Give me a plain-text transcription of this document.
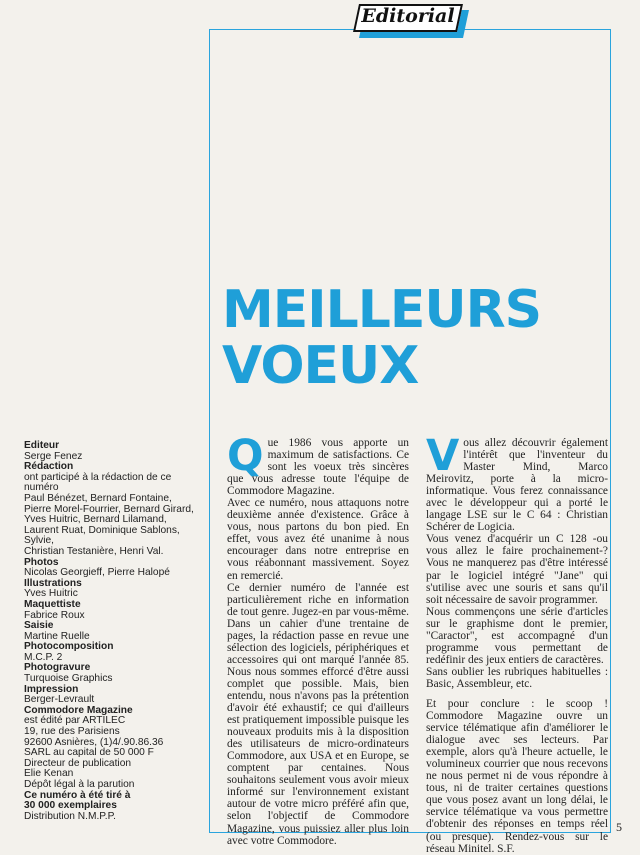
Editorial
MEILLEURS
VOEUX
Editeur
Serge Fenez
Rédaction
ont participé à la rédaction de ce
numéro
Paul Bénézet, Bernard Fontaine,
Pierre Morel-Fourrier, Bernard Girard,
Yves Huitric, Bernard Lilamand,
Laurent Ruat, Dominique Sablons, Sylvie,
Christian Testanière, Henri Val.
Photos
Nicolas Georgieff, Pierre Halopé
Illustrations
Yves Huitric
Maquettiste
Fabrice Roux
Saisie
Martine Ruelle
Photocomposition
M.C.P. 2
Photogravure
Turquoise Graphics
Impression
Berger-Levrault
Commodore Magazine
est édité par ARTILEC
19, rue des Parisiens
92600 Asnières, (1)4/.90.86.36
SARL au capital de 50 000 F
Directeur de publication
Elie Kenan
Dépôt légal à la parution
Ce numéro à été tiré à
30 000 exemplaires
Distribution N.M.P.P.

Que 1986 vous apporte un maximum de satisfactions. Ce sont les voeux très sincères que vous adresse toute l'équipe de Commodore Magazine.

Avec ce numéro, nous attaquons notre deuxième année d'existence. Grâce à vous, nous partons du bon pied. En effet, vous avez été unanime à nous encourager dans notre entreprise en vous réabonnant massivement. Soyez en remercié.

Ce dernier numéro de l'année est particulièrement riche en information de tout genre. Jugez-en par vous-même. Dans un cahier d'une trentaine de pages, la rédaction passe en revue une sélection des logiciels, périphériques et accessoires qui ont marqué l'année 85. Nous nous sommes efforcé d'être aussi complet que possible. Mais, bien entendu, nous n'avons pas la prétention d'avoir été exhaustif; ce qui d'ailleurs est pratiquement impossible puisque les nouveaux produits mis à la disposition des utilisateurs de micro-ordinateurs Commodore, aux USA et en Europe, se comptent par centaines. Nous souhaitons seulement vous avoir mieux informé sur l'environnement existant autour de votre micro préféré afin que, selon l'objectif de Commodore Magazine, vous puissiez aller plus loin avec votre Commodore.

Vous allez découvrir également l'intérêt que l'inventeur du Master Mind, Marco Meirovitz, porte à la micro-informatique. Vous ferez connaissance avec le développeur qui a porté le langage LSE sur le C 64 : Christian Schérer de Logicia.

Vous venez d'acquérir un C 128 -ou vous allez le faire prochainement-? Vous ne manquerez pas d'être intéressé par le logiciel intégré "Jane" qui s'utilise avec une souris et sans qu'il soit nécessaire de savoir programmer.

Nous commençons une série d'articles sur le graphisme dont le premier, "Caractor", est accompagné d'un programme vous permettant de redéfinir des jeux entiers de caractères.

Sans oublier les rubriques habituelles : Basic, Assembleur, etc.

Et pour conclure : le scoop ! Commodore Magazine ouvre un service télématique afin d'améliorer le dialogue avec ses lecteurs. Par exemple, alors qu'à l'heure actuelle, le volumineux courrier que nous recevons ne nous permet ni de vous répondre à tous, ni de traiter certaines questions que vous posez avant un long délai, le service télématique va vous permettre d'obtenir des réponses en temps réel (ou presque). Rendez-vous sur le réseau Minitel. S.F.

5
